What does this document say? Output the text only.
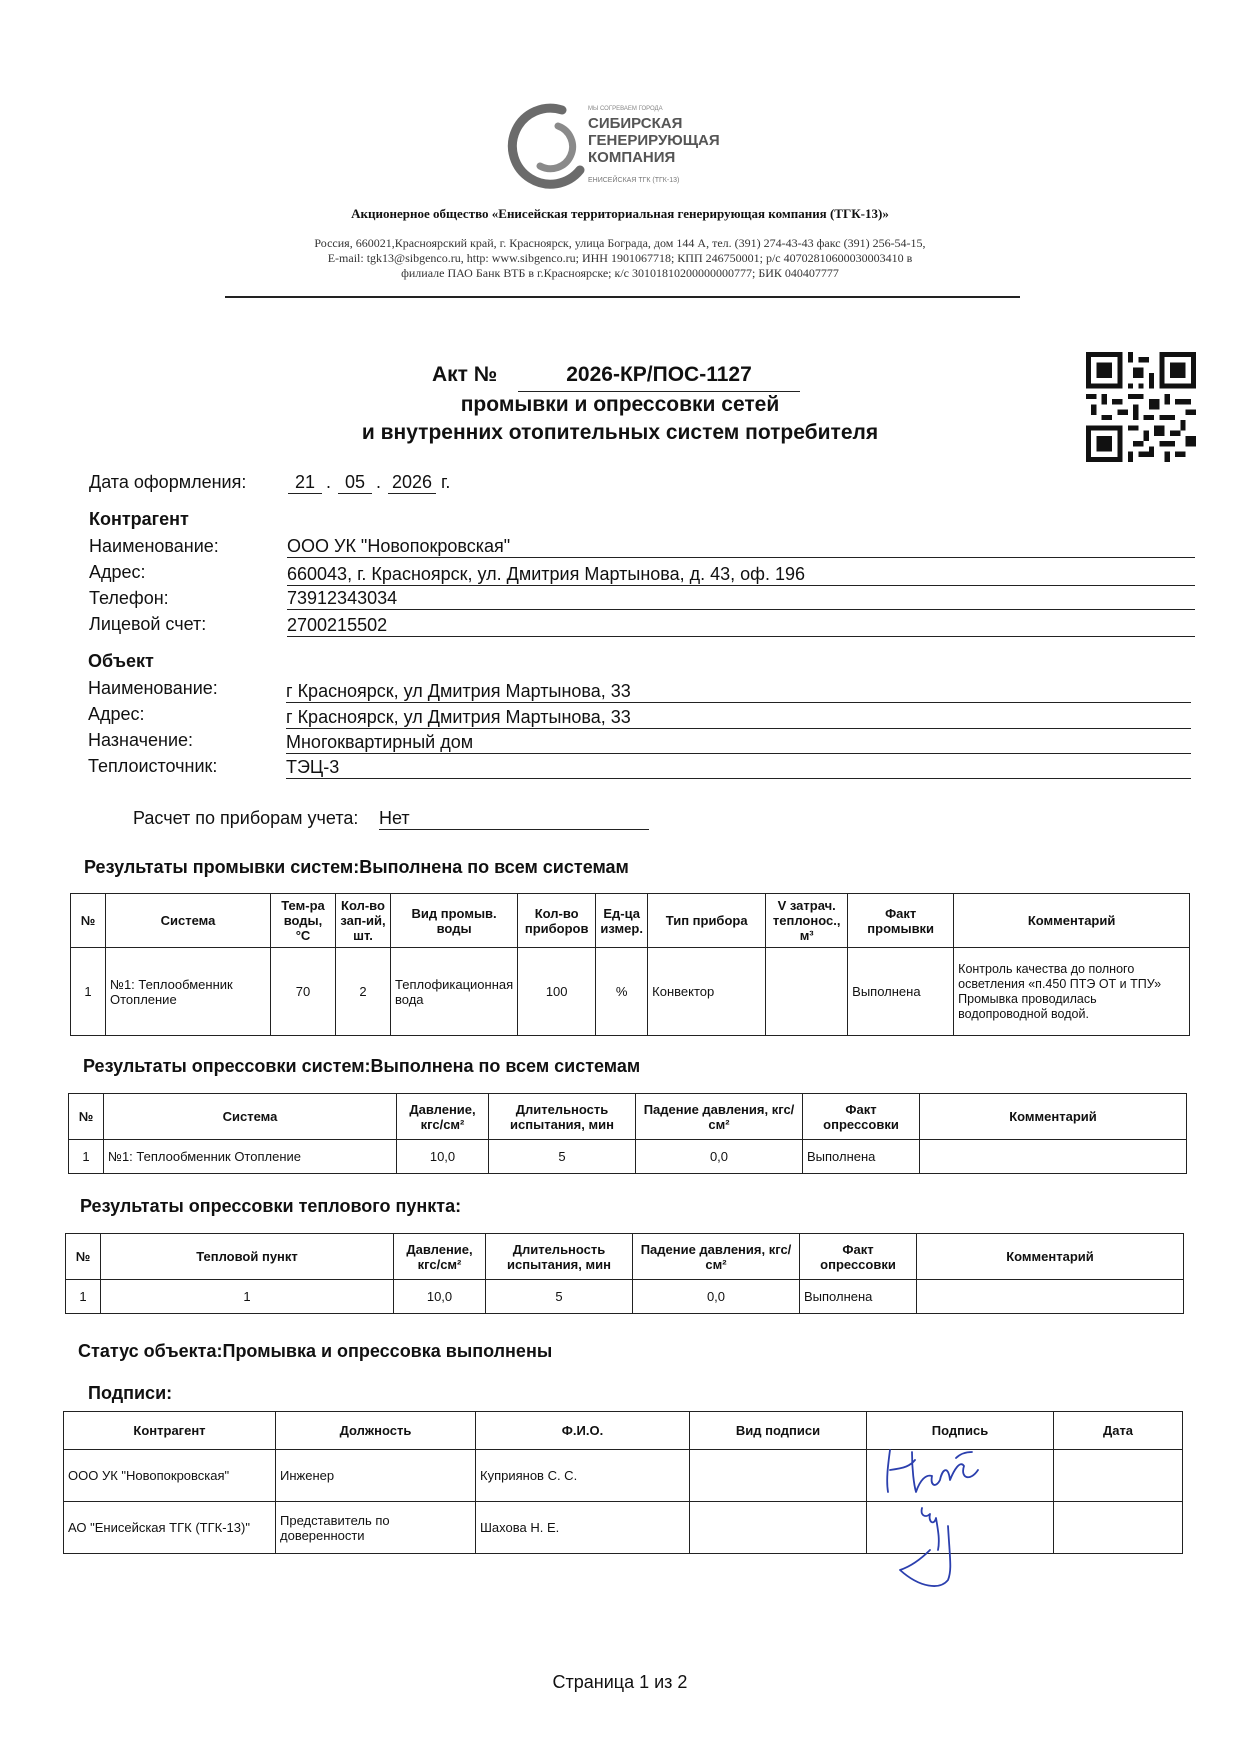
МЫ СОГРЕВАЕМ ГОРОДА
СИБИРСКАЯ
ГЕНЕРИРУЮЩАЯ
КОМПАНИЯ
ЕНИСЕЙСКАЯ ТГК (ТГК-13)
Акционерное общество «Енисейская территориальная генерирующая компания (ТГК-13)»
Россия, 660021,Красноярский край, г. Красноярск, улица Бограда, дом 144 А, тел. (391) 274-43-43 факс (391) 256-54-15,
E-mail: tgk13@sibgenco.ru, http: www.sibgenco.ru; ИНН 1901067718; КПП 246750001; р/с 40702810600030003410 в
филиале ПАО Банк ВТБ в г.Красноярске; к/с 30101810200000000777; БИК 040407777
Акт №	2026-КР/ПОС-1127
промывки и опрессовки сетей
и внутренних отопительных систем потребителя
Дата оформления:	21 . 05 . 2026 г.
Контрагент
Наименование:	ООО УК "Новопокровская"
Адрес:	660043, г. Красноярск, ул. Дмитрия Мартынова, д. 43, оф. 196
Телефон:	73912343034
Лицевой счет:	2700215502
Объект
Наименование:	г Красноярск, ул Дмитрия Мартынова, 33
Адрес:	г Красноярск, ул Дмитрия Мартынова, 33
Назначение:	Многоквартирный дом
Теплоисточник:	ТЭЦ-3
Расчет по приборам учета: Нет
Результаты промывки систем:Выполнена по всем системам
№	Система	Тем-ра воды, °С	Кол-во зап-ий, шт.	Вид промыв. воды	Кол-во приборов	Ед-ца измер.	Тип прибора	V затрач. теплонос., м³	Факт промывки	Комментарий
1	№1: Теплообменник Отопление	70	2	Теплофикационная вода	100	%	Конвектор		Выполнена	Контроль качества до полного осветления «п.450 ПТЭ ОТ и ТПУ»
Промывка проводилась водопроводной водой.
Результаты опрессовки систем:Выполнена по всем системам
№	Система	Давление, кгс/см²	Длительность испытания, мин	Падение давления, кгс/см²	Факт опрессовки	Комментарий
1	№1: Теплообменник Отопление	10,0	5	0,0	Выполнена	
Результаты опрессовки теплового пункта:
№	Тепловой пункт	Давление, кгс/см²	Длительность испытания, мин	Падение давления, кгс/см²	Факт опрессовки	Комментарий
1	1	10,0	5	0,0	Выполнена	
Статус объекта:Промывка и опрессовка выполнены
Подписи:
Контрагент	Должность	Ф.И.О.	Вид подписи	Подпись	Дата
ООО УК "Новопокровская"	Инженер	Куприянов С. С.			
АО "Енисейская ТГК (ТГК-13)"	Представитель по доверенности	Шахова Н. Е.			
Страница 1 из 2
